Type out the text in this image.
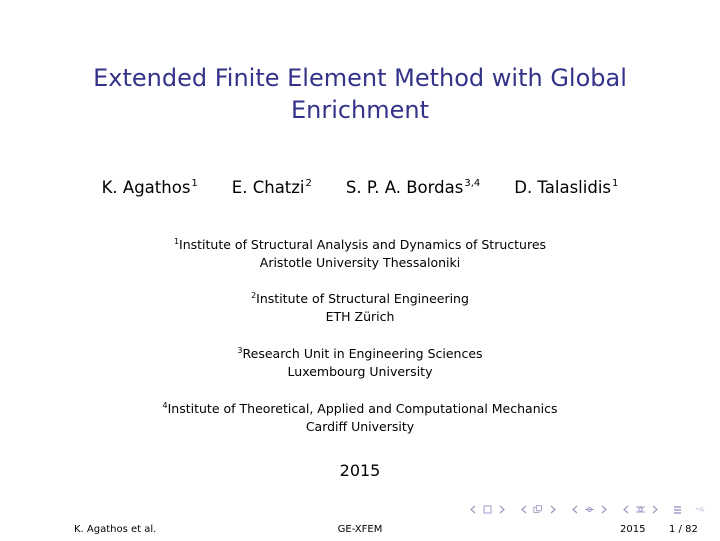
Extended Finite Element Method with Global Enrichment
K. Agathos$^1$ E. Chatzi$^2$ S. P. A. Bordas$^{3,4}$ D. Talaslidis$^1$
$^1$Institute of Structural Analysis and Dynamics of Structures
Aristotle University Thessaloniki
$^2$Institute of Structural Engineering
ETH Zürich
$^3$Research Unit in Engineering Sciences
Luxembourg University
$^4$Institute of Theoretical, Applied and Computational Mechanics
Cardiff University
2015
K. Agathos et al.	GE-XFEM	2015 1 / 82
